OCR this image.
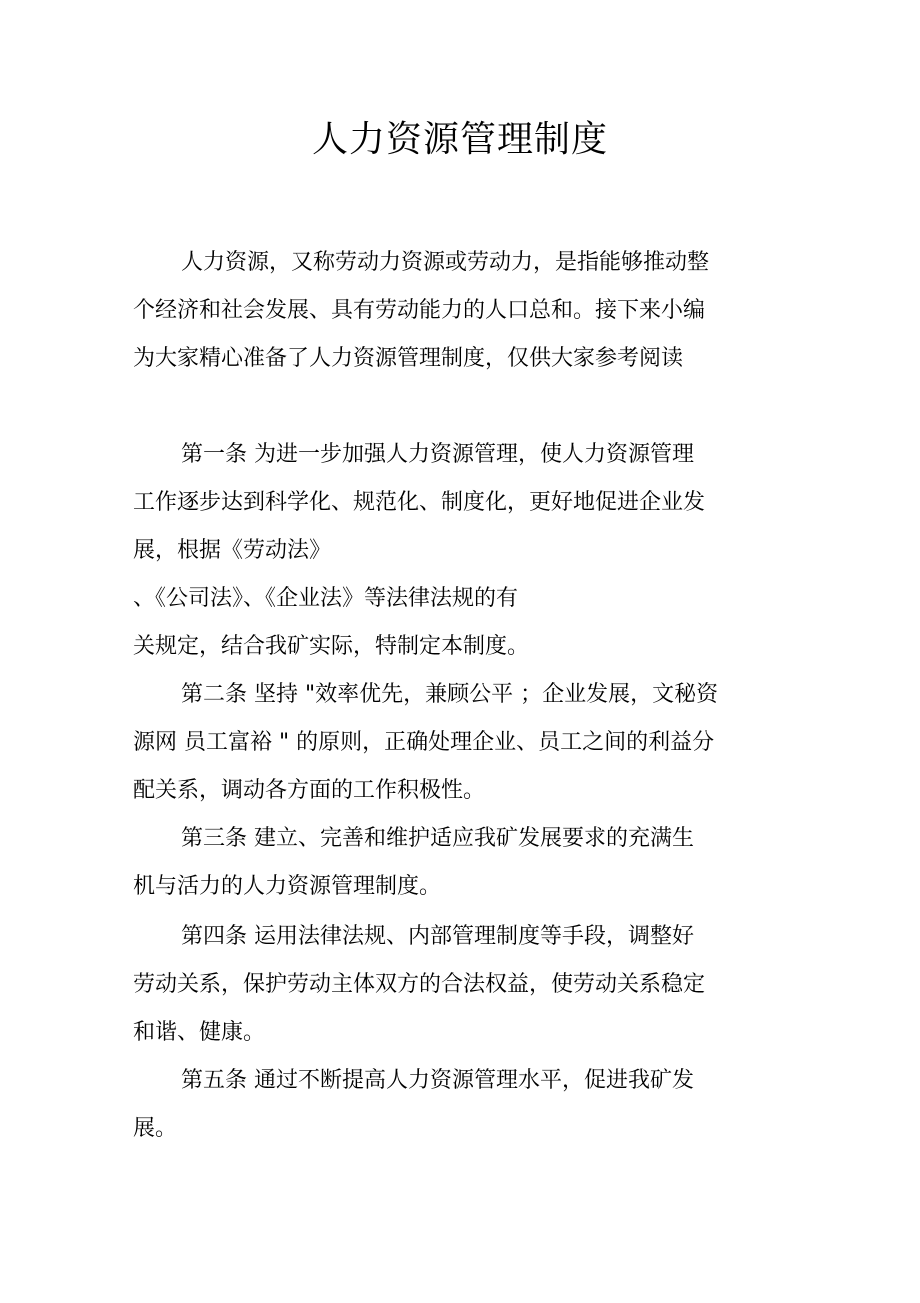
人力资源管理制度
人力资源，又称劳动力资源或劳动力，是指能够推动整
个经济和社会发展、具有劳动能力的人口总和。接下来小编
为大家精心准备了人力资源管理制度，仅供大家参考阅读
第一条 为进一步加强人力资源管理，使人力资源管理
工作逐步达到科学化、规范化、制度化，更好地促进企业发
展，根据《劳动法》
、《公司法》、《企业法》等法律法规的有
关规定，结合我矿实际，特制定本制度。
第二条 坚持 "效率优先，兼顾公平 ；企业发展，文秘资
源网 员工富裕 " 的原则，正确处理企业、员工之间的利益分
配关系，调动各方面的工作积极性。
第三条 建立、完善和维护适应我矿发展要求的充满生
机与活力的人力资源管理制度。
第四条 运用法律法规、内部管理制度等手段，调整好
劳动关系，保护劳动主体双方的合法权益，使劳动关系稳定
和谐、健康。
第五条 通过不断提高人力资源管理水平，促进我矿发
展。
